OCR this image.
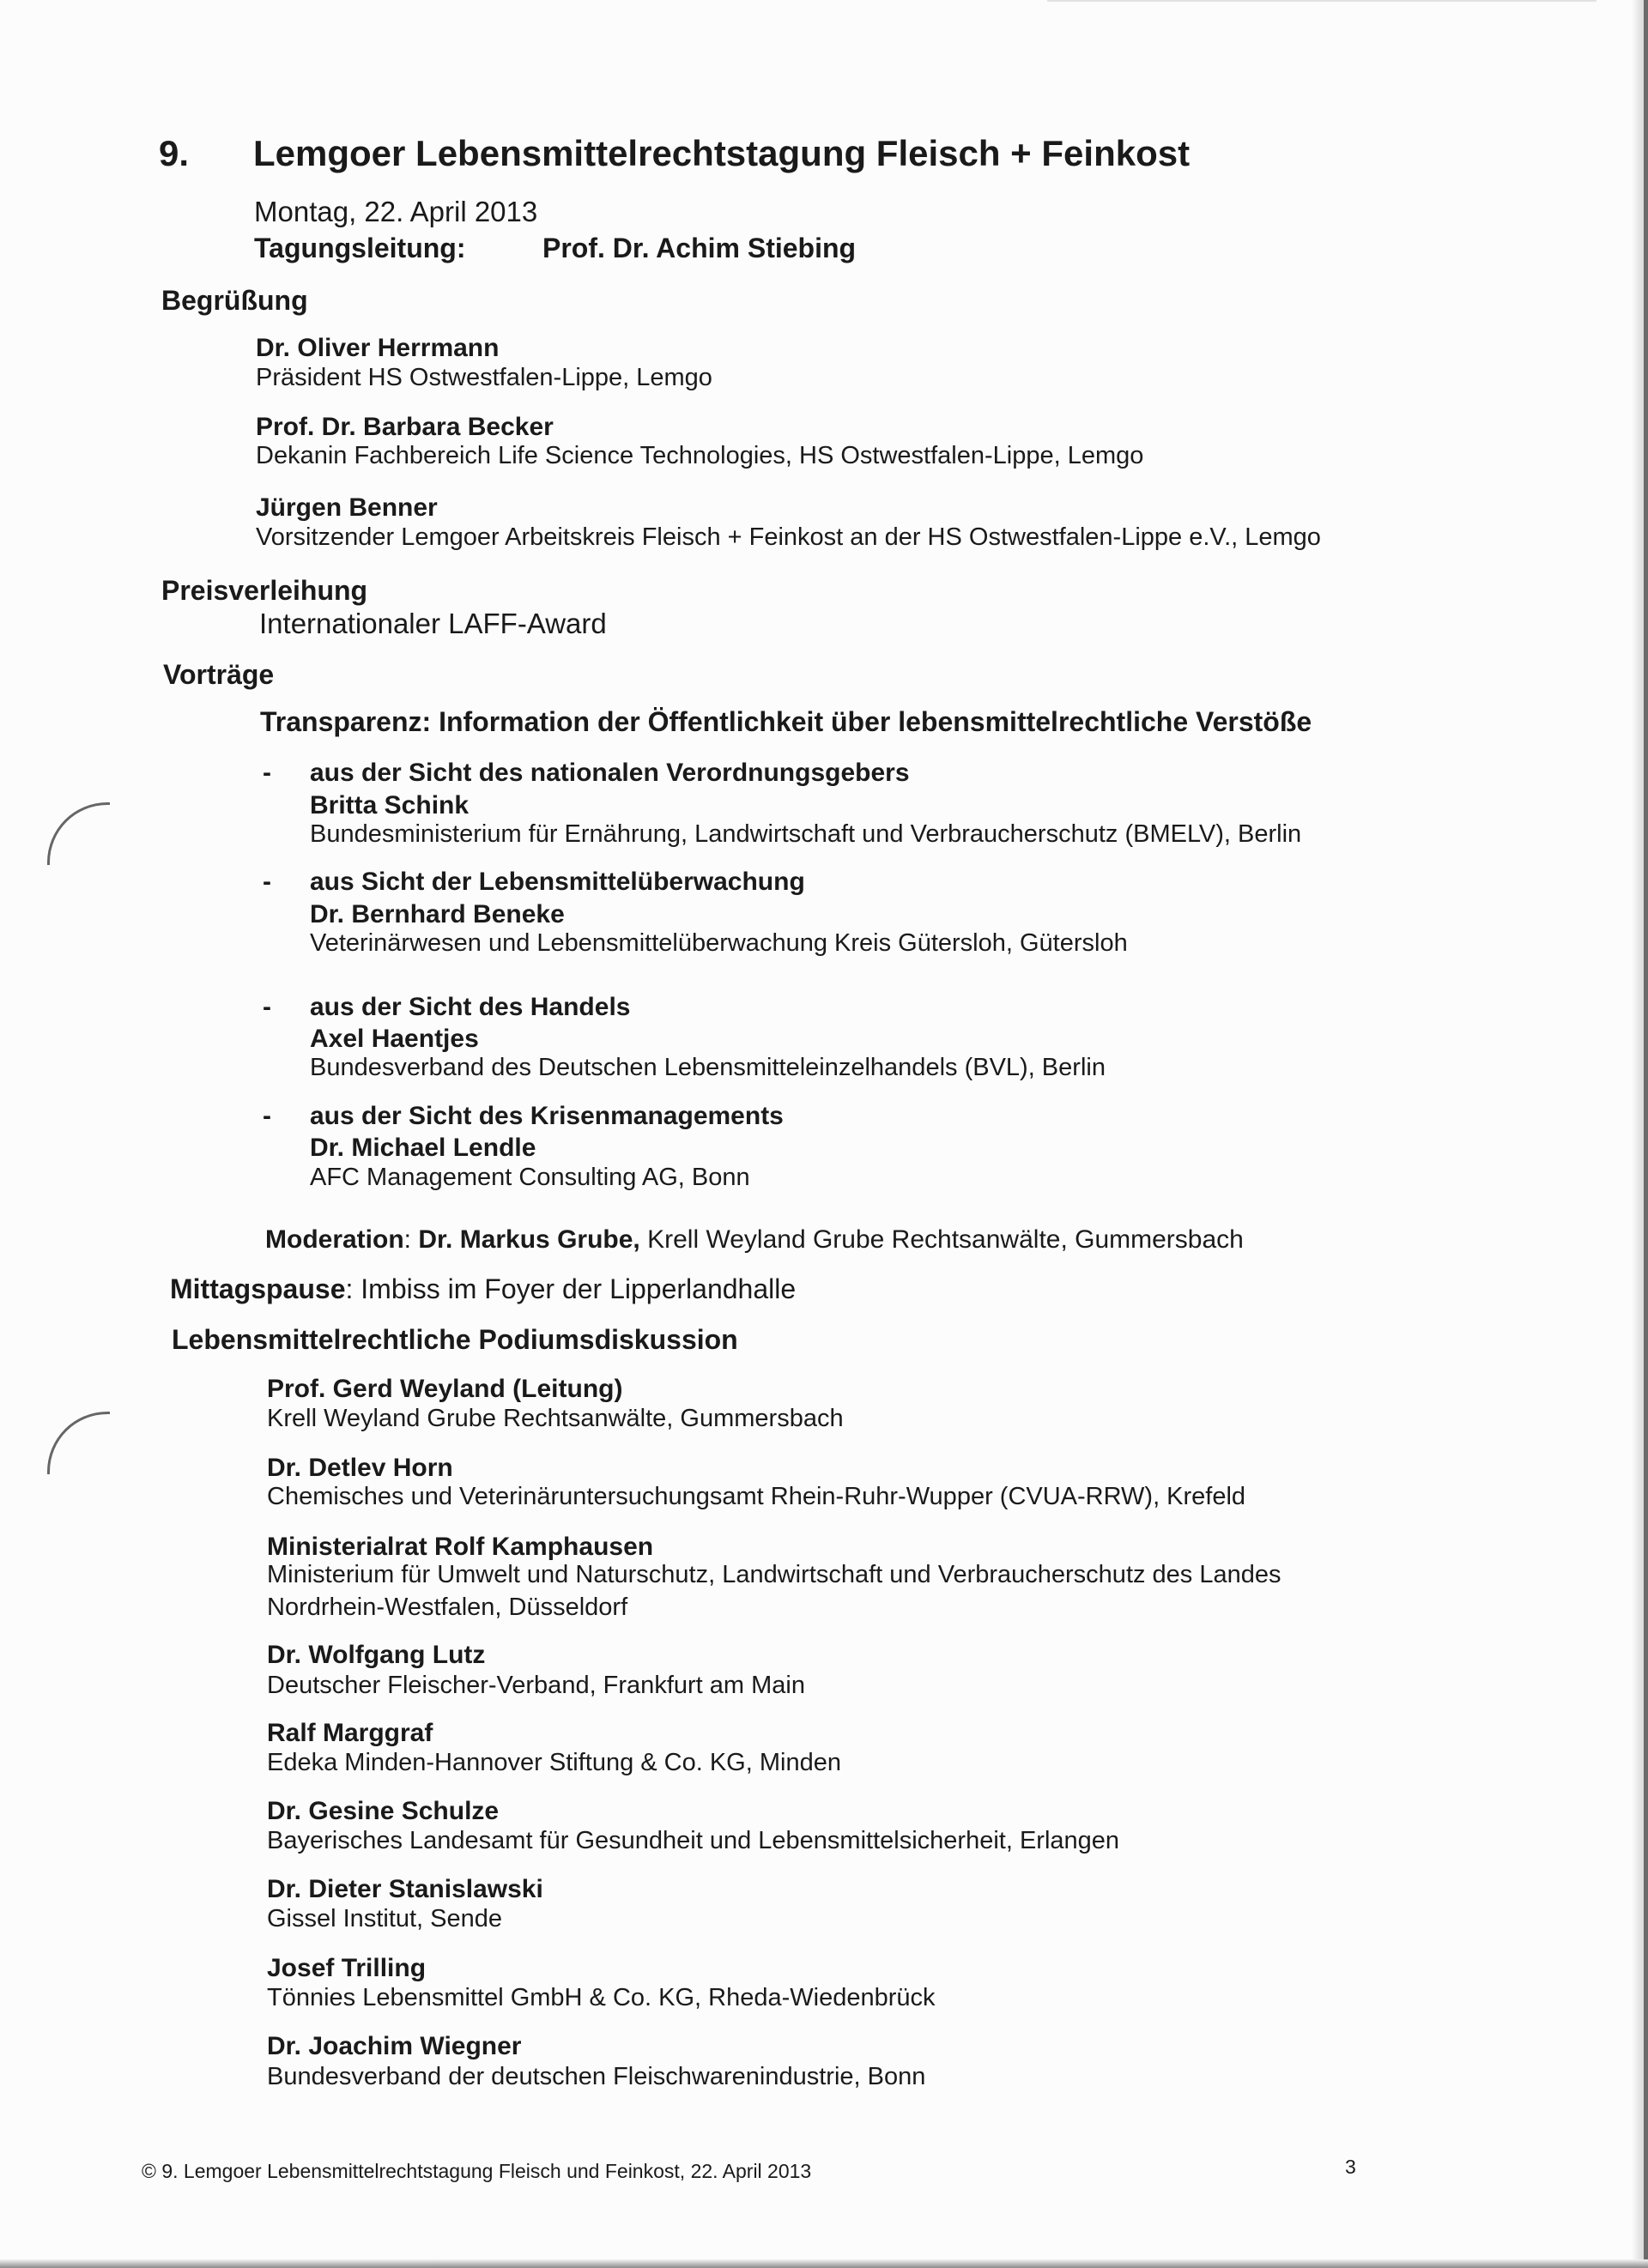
9. Lemgoer Lebensmittelrechtstagung Fleisch + Feinkost
Montag, 22. April 2013
Tagungsleitung:	Prof. Dr. Achim Stiebing
Begrüßung
Dr. Oliver Herrmann
Präsident HS Ostwestfalen-Lippe, Lemgo
Prof. Dr. Barbara Becker
Dekanin Fachbereich Life Science Technologies, HS Ostwestfalen-Lippe, Lemgo
Jürgen Benner
Vorsitzender Lemgoer Arbeitskreis Fleisch + Feinkost an der HS Ostwestfalen-Lippe e.V., Lemgo
Preisverleihung
Internationaler LAFF-Award
Vorträge
Transparenz: Information der Öffentlichkeit über lebensmittelrechtliche Verstöße
- aus der Sicht des nationalen Verordnungsgebers
Britta Schink
Bundesministerium für Ernährung, Landwirtschaft und Verbraucherschutz (BMELV), Berlin
- aus Sicht der Lebensmittelüberwachung
Dr. Bernhard Beneke
Veterinärwesen und Lebensmittelüberwachung Kreis Gütersloh, Gütersloh
- aus der Sicht des Handels
Axel Haentjes
Bundesverband des Deutschen Lebensmitteleinzelhandels (BVL), Berlin
- aus der Sicht des Krisenmanagements
Dr. Michael Lendle
AFC Management Consulting AG, Bonn
Moderation: Dr. Markus Grube, Krell Weyland Grube Rechtsanwälte, Gummersbach
Mittagspause: Imbiss im Foyer der Lipperlandhalle
Lebensmittelrechtliche Podiumsdiskussion
Prof. Gerd Weyland (Leitung)
Krell Weyland Grube Rechtsanwälte, Gummersbach
Dr. Detlev Horn
Chemisches und Veterinäruntersuchungsamt Rhein-Ruhr-Wupper (CVUA-RRW), Krefeld
Ministerialrat Rolf Kamphausen
Ministerium für Umwelt und Naturschutz, Landwirtschaft und Verbraucherschutz des Landes
Nordrhein-Westfalen, Düsseldorf
Dr. Wolfgang Lutz
Deutscher Fleischer-Verband, Frankfurt am Main
Ralf Marggraf
Edeka Minden-Hannover Stiftung & Co. KG, Minden
Dr. Gesine Schulze
Bayerisches Landesamt für Gesundheit und Lebensmittelsicherheit, Erlangen
Dr. Dieter Stanislawski
Gissel Institut, Sende
Josef Trilling
Tönnies Lebensmittel GmbH & Co. KG, Rheda-Wiedenbrück
Dr. Joachim Wiegner
Bundesverband der deutschen Fleischwarenindustrie, Bonn
© 9. Lemgoer Lebensmittelrechtstagung Fleisch und Feinkost, 22. April 2013	3
